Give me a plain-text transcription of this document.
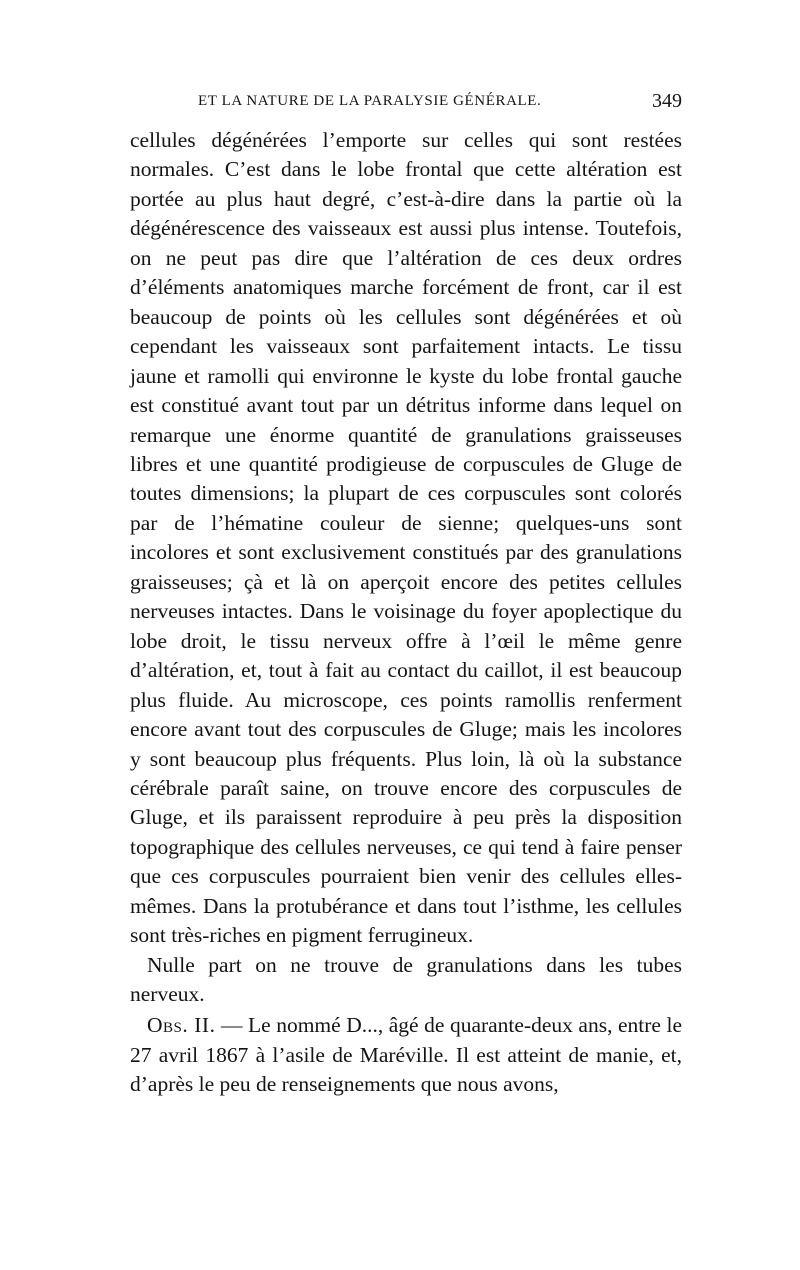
ET LA NATURE DE LA PARALYSIE GÉNÉRALE.	349

cellules dégénérées l’emporte sur celles qui sont restées normales. C’est dans le lobe frontal que cette altération est portée au plus haut degré, c’est-à-dire dans la partie où la dégénérescence des vaisseaux est aussi plus intense. Toutefois, on ne peut pas dire que l’altération de ces deux ordres d’éléments anatomiques marche forcément de front, car il est beaucoup de points où les cellules sont dégénérées et où cependant les vaisseaux sont parfaitement intacts. Le tissu jaune et ramolli qui environne le kyste du lobe frontal gauche est constitué avant tout par un détritus informe dans lequel on remarque une énorme quantité de granulations graisseuses libres et une quantité prodigieuse de corpuscules de Gluge de toutes dimensions; la plupart de ces corpuscules sont colorés par de l’hématine couleur de sienne; quelques-uns sont incolores et sont exclusivement constitués par des granulations graisseuses; çà et là on aperçoit encore des petites cellules nerveuses intactes. Dans le voisinage du foyer apoplectique du lobe droit, le tissu nerveux offre à l’œil le même genre d’altération, et, tout à fait au contact du caillot, il est beaucoup plus fluide. Au microscope, ces points ramollis renferment encore avant tout des corpuscules de Gluge; mais les incolores y sont beaucoup plus fréquents. Plus loin, là où la substance cérébrale paraît saine, on trouve encore des corpuscules de Gluge, et ils paraissent reproduire à peu près la disposition topographique des cellules nerveuses, ce qui tend à faire penser que ces corpuscules pourraient bien venir des cellules elles-mêmes. Dans la protubérance et dans tout l’isthme, les cellules sont très-riches en pigment ferrugineux.

Nulle part on ne trouve de granulations dans les tubes nerveux.

Obs. II. — Le nommé D..., âgé de quarante-deux ans, entre le 27 avril 1867 à l’asile de Maréville. Il est atteint de manie, et, d’après le peu de renseignements que nous avons,
